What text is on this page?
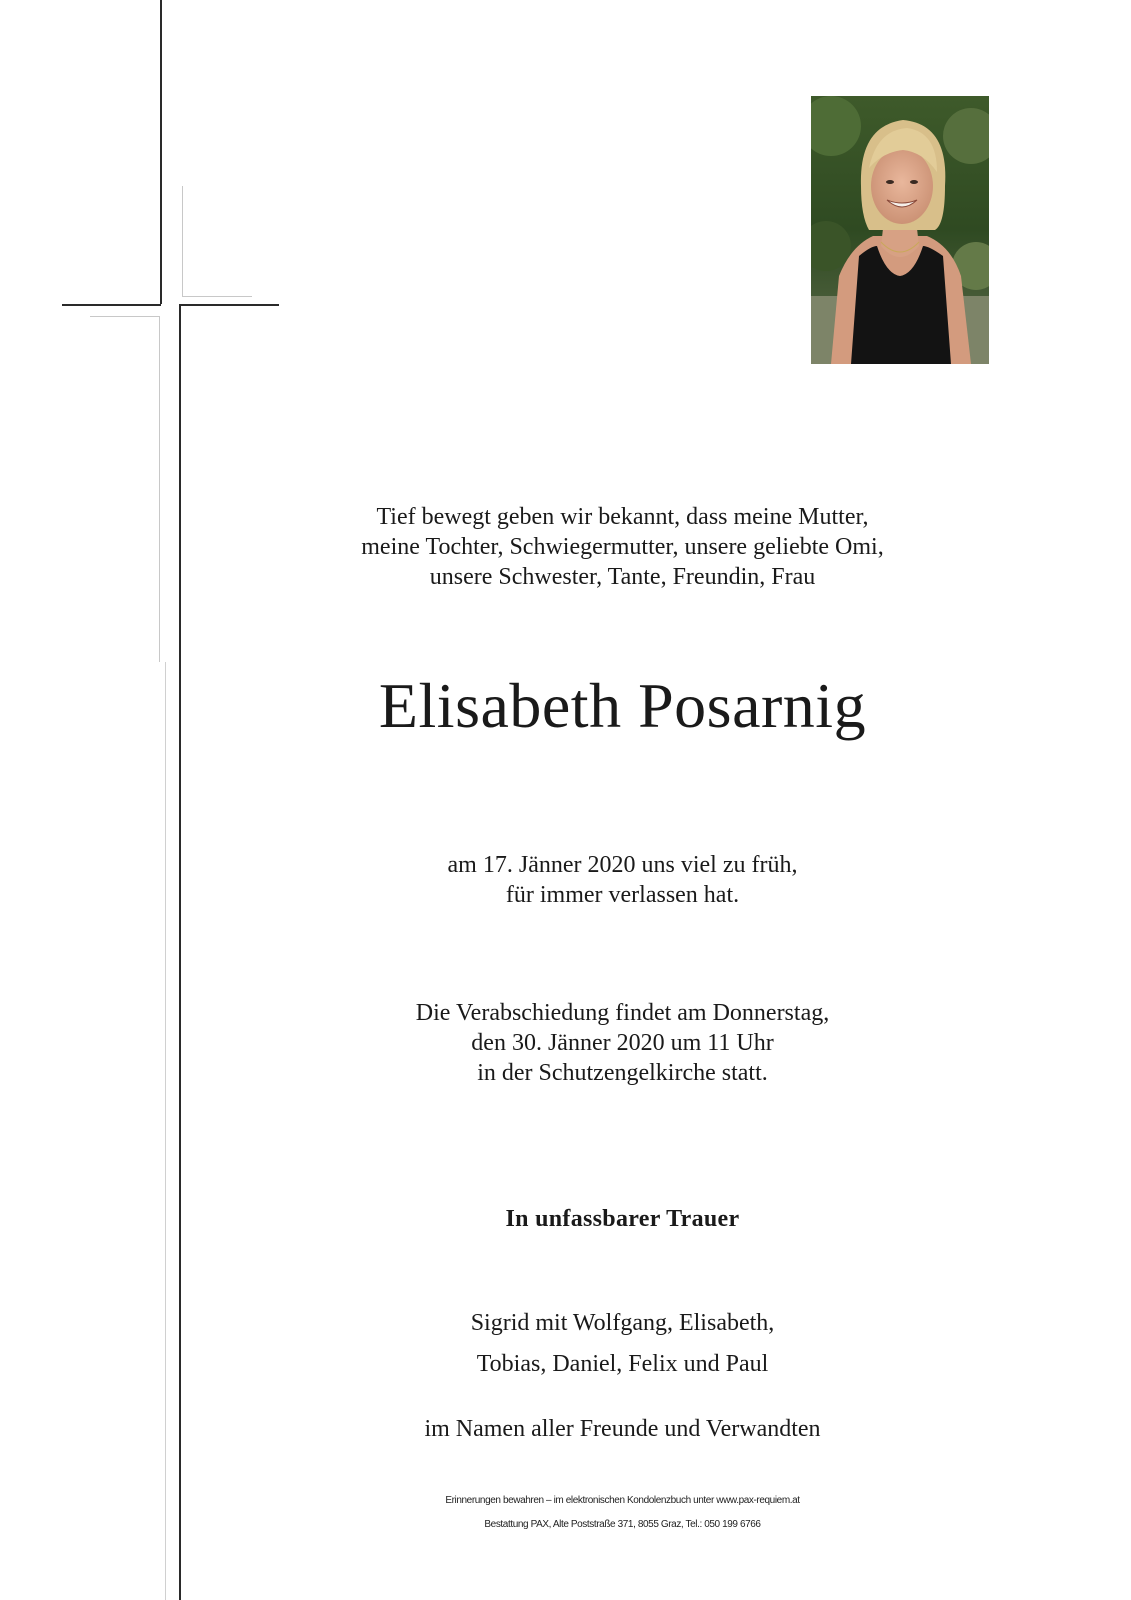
Tief bewegt geben wir bekannt, dass meine Mutter,
meine Tochter, Schwiegermutter, unsere geliebte Omi,
unsere Schwester, Tante, Freundin, Frau
Elisabeth Posarnig
am 17. Jänner 2020 uns viel zu früh,
für immer verlassen hat.
Die Verabschiedung findet am Donnerstag,
den 30. Jänner 2020 um 11 Uhr
in der Schutzengelkirche statt.
In unfassbarer Trauer
Sigrid mit Wolfgang, Elisabeth,
Tobias, Daniel, Felix und Paul
im Namen aller Freunde und Verwandten
Erinnerungen bewahren – im elektronischen Kondolenzbuch unter www.pax-requiem.at
Bestattung PAX, Alte Poststraße 371, 8055 Graz, Tel.: 050 199 6766
